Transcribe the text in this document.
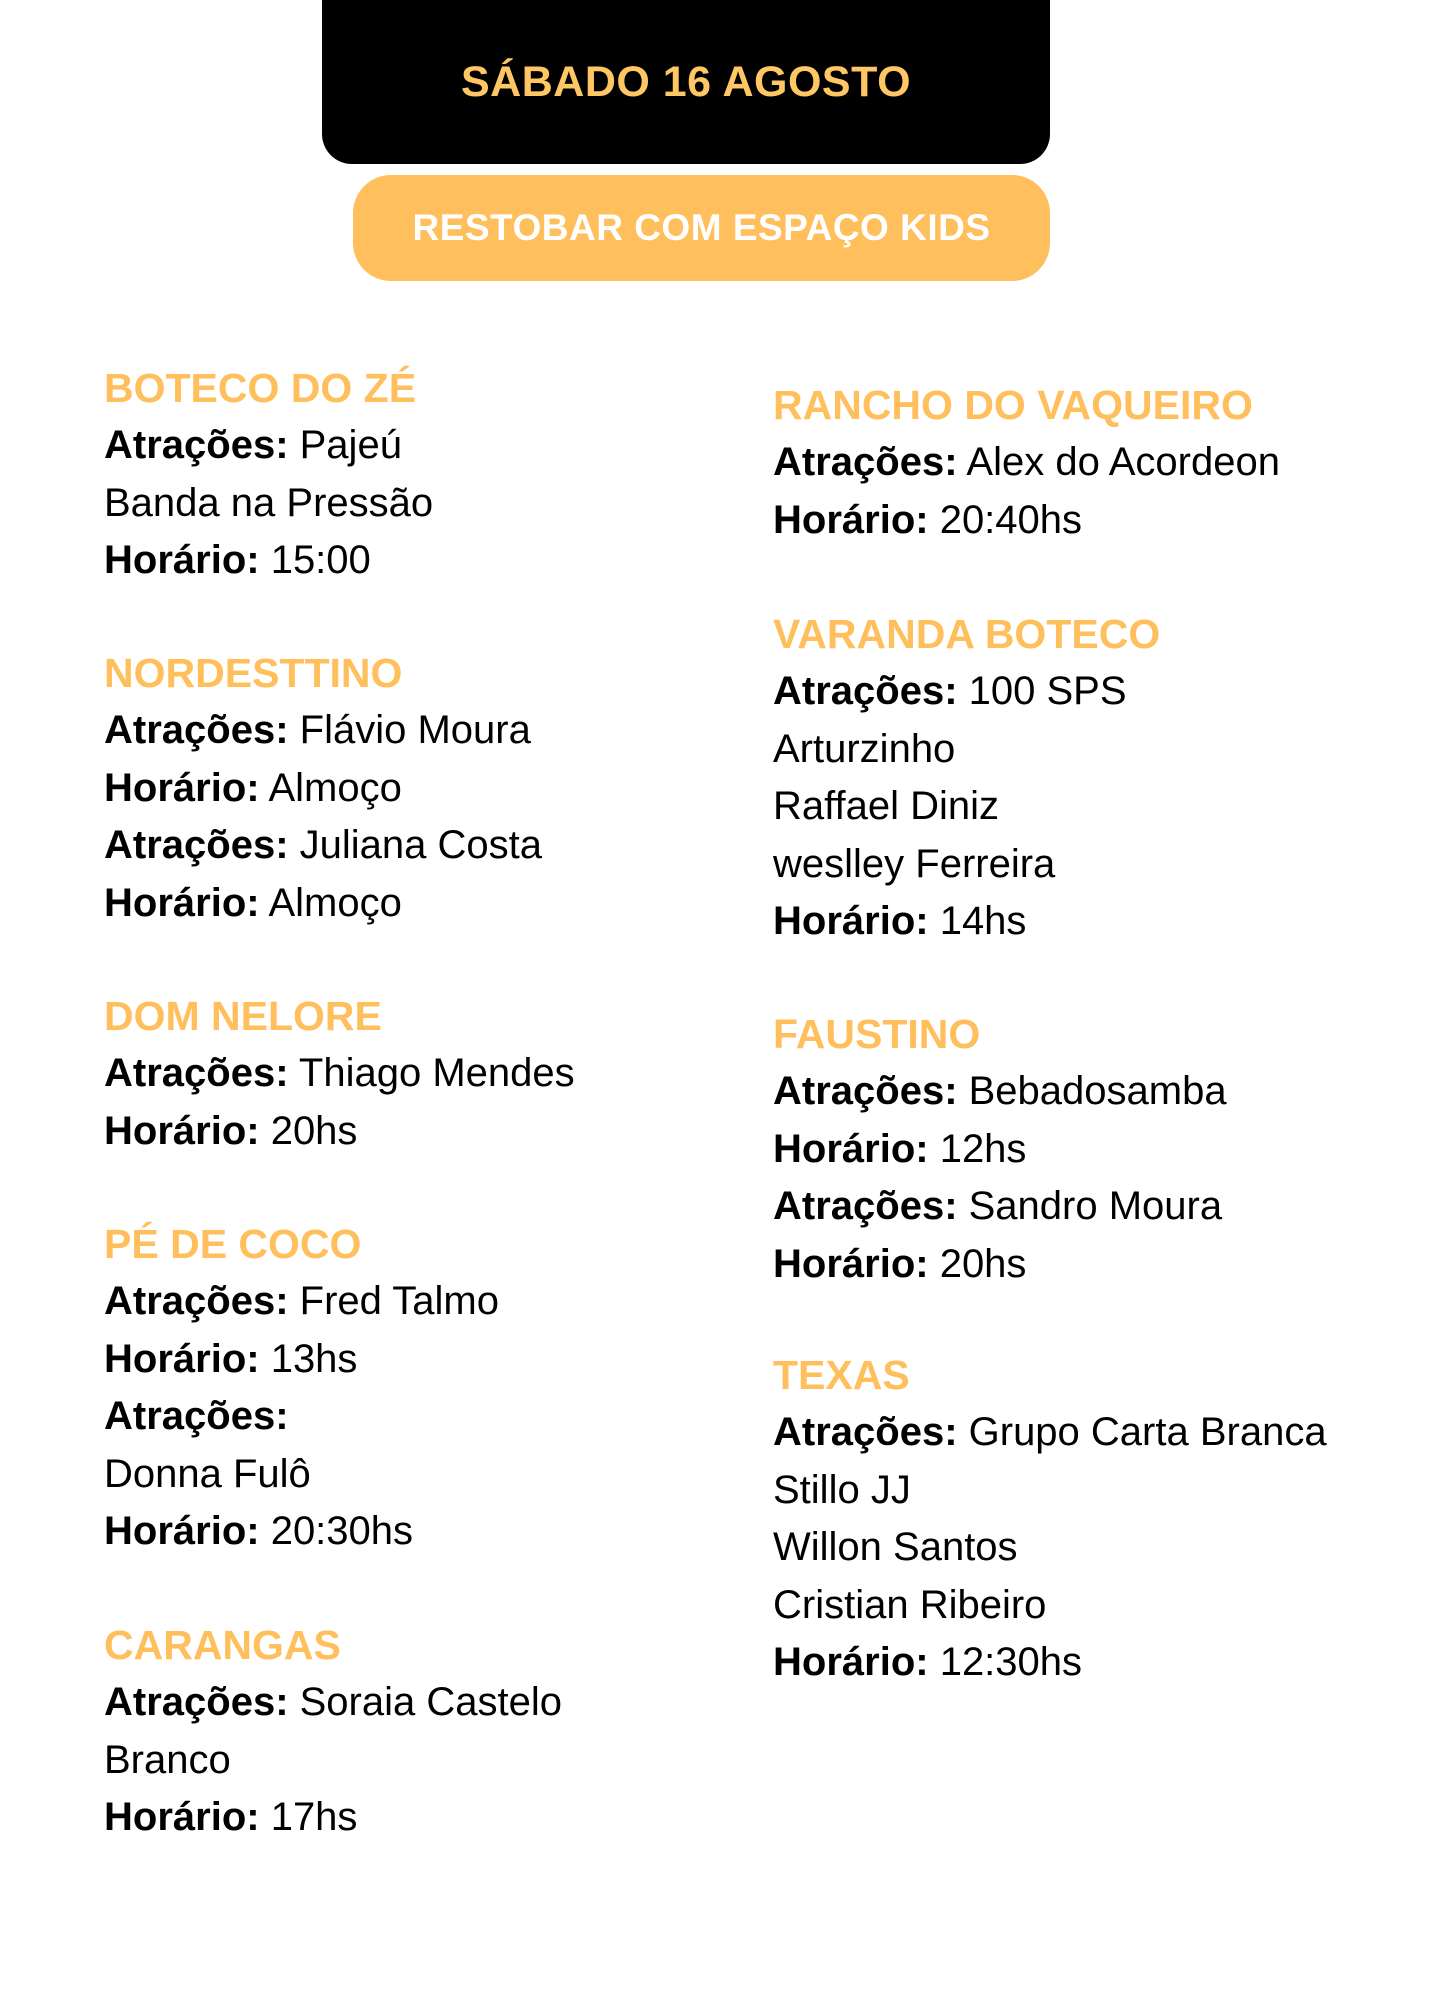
SÁBADO 16 AGOSTO
RESTOBAR COM ESPAÇO KIDS
BOTECO DO ZÉ
Atrações: Pajeú
Banda na Pressão
Horário: 15:00
NORDESTTINO
Atrações: Flávio Moura
Horário: Almoço
Atrações: Juliana Costa
Horário: Almoço
DOM NELORE
Atrações: Thiago Mendes
Horário: 20hs
PÉ DE COCO
Atrações: Fred Talmo
Horário: 13hs
Atrações:
Donna Fulô
Horário: 20:30hs
CARANGAS
Atrações: Soraia Castelo
Branco
Horário: 17hs
RANCHO DO VAQUEIRO
Atrações: Alex do Acordeon
Horário: 20:40hs
VARANDA BOTECO
Atrações: 100 SPS
Arturzinho
Raffael Diniz
weslley Ferreira
Horário: 14hs
FAUSTINO
Atrações: Bebadosamba
Horário: 12hs
Atrações: Sandro Moura
Horário: 20hs
TEXAS
Atrações: Grupo Carta Branca
Stillo JJ
Willon Santos
Cristian Ribeiro
Horário: 12:30hs
